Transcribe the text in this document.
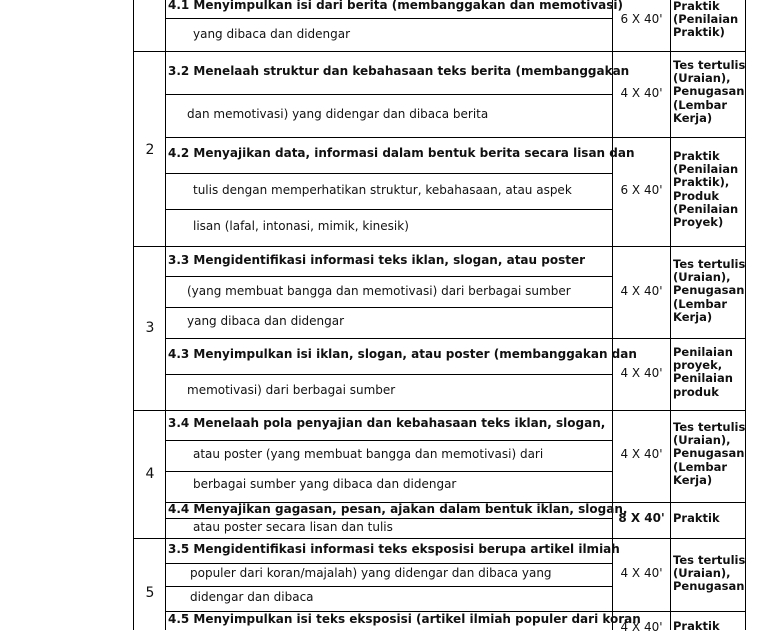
4.1 Menyimpulkan isi dari berita (membanggakan dan memotivasi)
yang dibaca dan didengar
6 X 40'
Praktik
(Penilaian
Praktik)
2
3.2 Menelaah struktur dan kebahasaan teks berita (membanggakan
dan memotivasi) yang didengar dan dibaca berita
4 X 40'
Tes tertulis
(Uraian),
Penugasan
(Lembar
Kerja)
4.2 Menyajikan data, informasi dalam bentuk berita secara lisan dan
tulis dengan memperhatikan struktur, kebahasaan, atau aspek
lisan (lafal, intonasi, mimik, kinesik)
6 X 40'
Praktik
(Penilaian
Praktik),
Produk
(Penilaian
Proyek)
3
3.3 Mengidentifikasi informasi teks iklan, slogan, atau poster
(yang membuat bangga dan memotivasi) dari berbagai sumber
yang dibaca dan didengar
4 X 40'
Tes tertulis
(Uraian),
Penugasan
(Lembar
Kerja)
4.3 Menyimpulkan isi iklan, slogan, atau poster (membanggakan dan
memotivasi) dari berbagai sumber
4 X 40'
Penilaian
proyek,
Penilaian
produk
4
3.4 Menelaah pola penyajian dan kebahasaan teks iklan, slogan,
atau poster (yang membuat bangga dan memotivasi) dari
berbagai sumber yang dibaca dan didengar
4 X 40'
Tes tertulis
(Uraian),
Penugasan
(Lembar
Kerja)
4.4 Menyajikan gagasan, pesan, ajakan dalam bentuk iklan, slogan,
atau poster secara lisan dan tulis
8 X 40' Praktik
5
3.5 Mengidentifikasi informasi teks eksposisi berupa artikel ilmiah
populer dari koran/majalah) yang didengar dan dibaca yang
didengar dan dibaca
4 X 40'
Tes tertulis
(Uraian),
Penugasan
4.5 Menyimpulkan isi teks eksposisi (artikel ilmiah populer dari koran
4 X 40' Praktik
